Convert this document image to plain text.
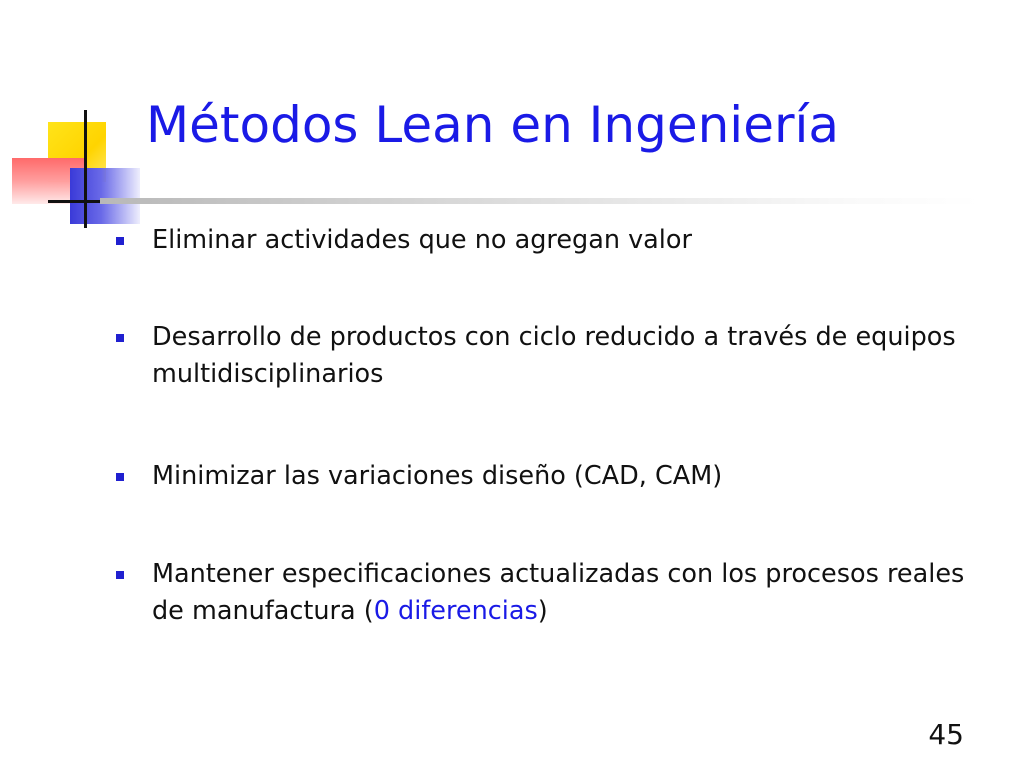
Métodos Lean en Ingeniería
Eliminar actividades que no agregan valor
Desarrollo de productos con ciclo reducido a través de equipos multidisciplinarios
Minimizar las variaciones diseño (CAD, CAM)
Mantener especificaciones actualizadas con los procesos reales de manufactura (0 diferencias)
45
